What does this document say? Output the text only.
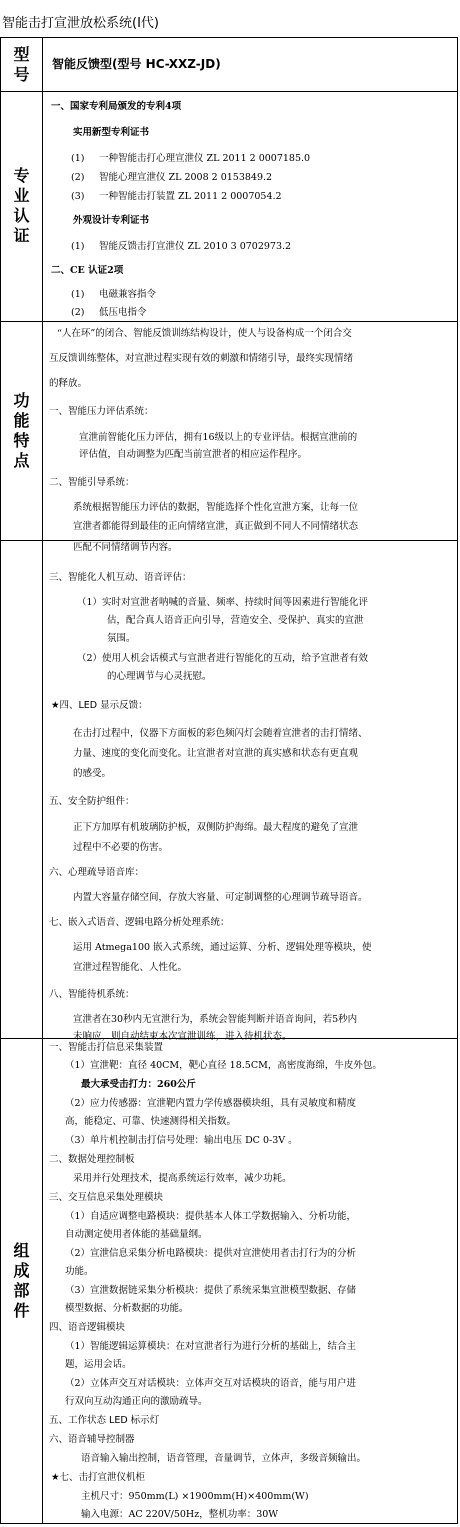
智能击打宣泄放松系统(Ⅰ代)
型号
智能反馈型(型号 HC-XXZ-JD)
专业认证
一、国家专利局颁发的专利4项
实用新型专利证书
(1) 一种智能击打心理宣泄仪 ZL 2011 2 0007185.0
(2) 智能心理宣泄仪 ZL 2008 2 0153849.2
(3) 一种智能击打装置 ZL 2011 2 0007054.2
外观设计专利证书
(1) 智能反馈击打宣泄仪 ZL 2010 3 0702973.2
二、CE 认证2项
(1) 电磁兼容指令
(2) 低压电指令
功能特点
“人在环”的闭合、智能反馈训练结构设计，使人与设备构成一个闭合交
互反馈训练整体，对宣泄过程实现有效的刺激和情绪引导，最终实现情绪
的释放。
一、智能压力评估系统：
宣泄前智能化压力评估，拥有16级以上的专业评估。根据宣泄前的
评估值，自动调整为匹配当前宣泄者的相应运作程序。
二、智能引导系统：
系统根据智能压力评估的数据，智能选择个性化宣泄方案，让每一位
宣泄者都能得到最佳的正向情绪宣泄，真正做到不同人不同情绪状态
匹配不同情绪调节内容。
三、智能化人机互动、语音评估：
（1）实时对宣泄者呐喊的音量、频率、持续时间等因素进行智能化评
估，配合真人语音正向引导，营造安全、受保护、真实的宣泄
氛围。
（2）使用人机会话模式与宣泄者进行智能化的互动，给予宣泄者有效
的心理调节与心灵抚慰。
★四、LED 显示反馈：
在击打过程中，仪器下方面板的彩色频闪灯会随着宣泄者的击打情绪、
力量、速度的变化而变化。让宣泄者对宣泄的真实感和状态有更直观
的感受。
五、安全防护组件：
正下方加厚有机玻璃防护板，双侧防护海绵。最大程度的避免了宣泄
过程中不必要的伤害。
六、心理疏导语音库：
内置大容量存储空间，存放大容量、可定制调整的心理调节疏导语音。
七、嵌入式语音、逻辑电路分析处理系统：
运用 Atmega100 嵌入式系统，通过运算、分析、逻辑处理等模块，使
宣泄过程智能化、人性化。
八、智能待机系统：
宣泄者在30秒内无宣泄行为，系统会智能判断并语音询问，若5秒内
未响应，则自动结束本次宣泄训练，进入待机状态。
组成部件
一、智能击打信息采集装置
（1）宣泄靶：直径 40CM，靶心直径 18.5CM，高密度海绵，牛皮外包。
最大承受击打力：260公斤
（2）应力传感器：宣泄靶内置力学传感器模块组，具有灵敏度和精度
高，能稳定、可靠、快速测得相关指数。
（3）单片机控制击打信号处理：输出电压 DC 0-3V 。
二、数据处理控制板
采用并行处理技术，提高系统运行效率，减少功耗。
三、交互信息采集处理模块
（1）自适应调整电路模块：提供基本人体工学数据输入、分析功能，
自动测定使用者体能的基础量纲。
（2）宣泄信息采集分析电路模块：提供对宣泄使用者击打行为的分析
功能。
（3）宣泄数据链采集分析模块：提供了系统采集宣泄模型数据、存储
模型数据、分析数据的功能。
四、语音逻辑模块
（1）智能逻辑运算模块：在对宣泄者行为进行分析的基础上，结合主
题，运用会话。
（2）立体声交互对话模块：立体声交互对话模块的语音，能与用户进
行双向互动沟通正向的激励疏导。
五、工作状态 LED 标示灯
六、语音辅导控制器
语音输入输出控制，语音管理，音量调节，立体声，多级音频输出。
★七、击打宣泄仪机柜
主机尺寸：950mm(L) ×1900mm(H)×400mm(W)
输入电源：AC 220V/50Hz，整机功率：30W
